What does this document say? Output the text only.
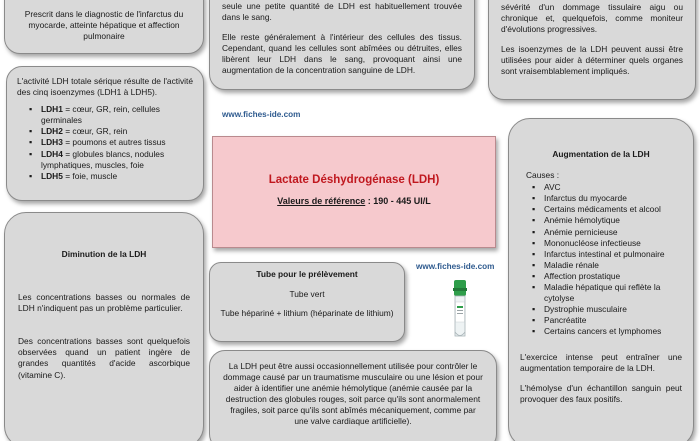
Prescrit dans le diagnostic de l'infarctus du myocarde, atteinte hépatique et affection pulmonaire

seule une petite quantité de LDH est habituellement trouvée dans le sang.

Elle reste généralement à l'intérieur des cellules des tissus. Cependant, quand les cellules sont abîmées ou détruites, elles libèrent leur LDH dans le sang, provoquant ainsi une augmentation de la concentration sanguine de LDH.

sévérité d'un dommage tissulaire aigu ou chronique et, quelquefois, comme moniteur d'évolutions progressives.

Les isoenzymes de la LDH peuvent aussi être utilisées pour aider à déterminer quels organes sont vraisemblablement impliqués.

L'activité LDH totale sérique résulte de l'activité des cinq isoenzymes (LDH1 à LDH5).

▪ LDH1 = cœur, GR, rein, cellules germinales
▪ LDH2 = cœur, GR, rein
▪ LDH3 = poumons et autres tissus
▪ LDH4 = globules blancs, nodules lymphatiques, muscles, foie
▪ LDH5 = foie, muscle
www.fiches-ide.com
Lactate Déshydrogénase (LDH)
Valeurs de référence : 190 - 445 UI/L

Diminution de la LDH

Les concentrations basses ou normales de LDH n'indiquent pas un problème particulier.

Des concentrations basses sont quelquefois observées quand un patient ingère de grandes quantités d'acide ascorbique (vitamine C).

Tube pour le prélèvement

Tube vert

Tube hépariné + lithium (héparinate de lithium)

www.fiches-ide.com

La LDH peut être aussi occasionnellement utilisée pour contrôler le dommage causé par un traumatisme musculaire ou une lésion et pour aider à identifier une anémie hémolytique (anémie causée par la destruction des globules rouges, soit parce qu'ils sont anormalement fragiles, soit parce qu'ils sont abîmés mécaniquement, comme par une valve cardiaque artificielle).

Augmentation de la LDH

Causes :

▪ AVC
▪ Infarctus du myocarde
▪ Certains médicaments et alcool
▪ Anémie hémolytique
▪ Anémie pernicieuse
▪ Mononucléose infectieuse
▪ Infarctus intestinal et pulmonaire
▪ Maladie rénale
▪ Affection prostatique
▪ Maladie hépatique qui reflète la cytolyse
▪ Dystrophie musculaire
▪ Pancréatite
▪ Certains cancers et lymphomes

L'exercice intense peut entraîner une augmentation temporaire de la LDH.

L'hémolyse d'un échantillon sanguin peut provoquer des faux positifs.
